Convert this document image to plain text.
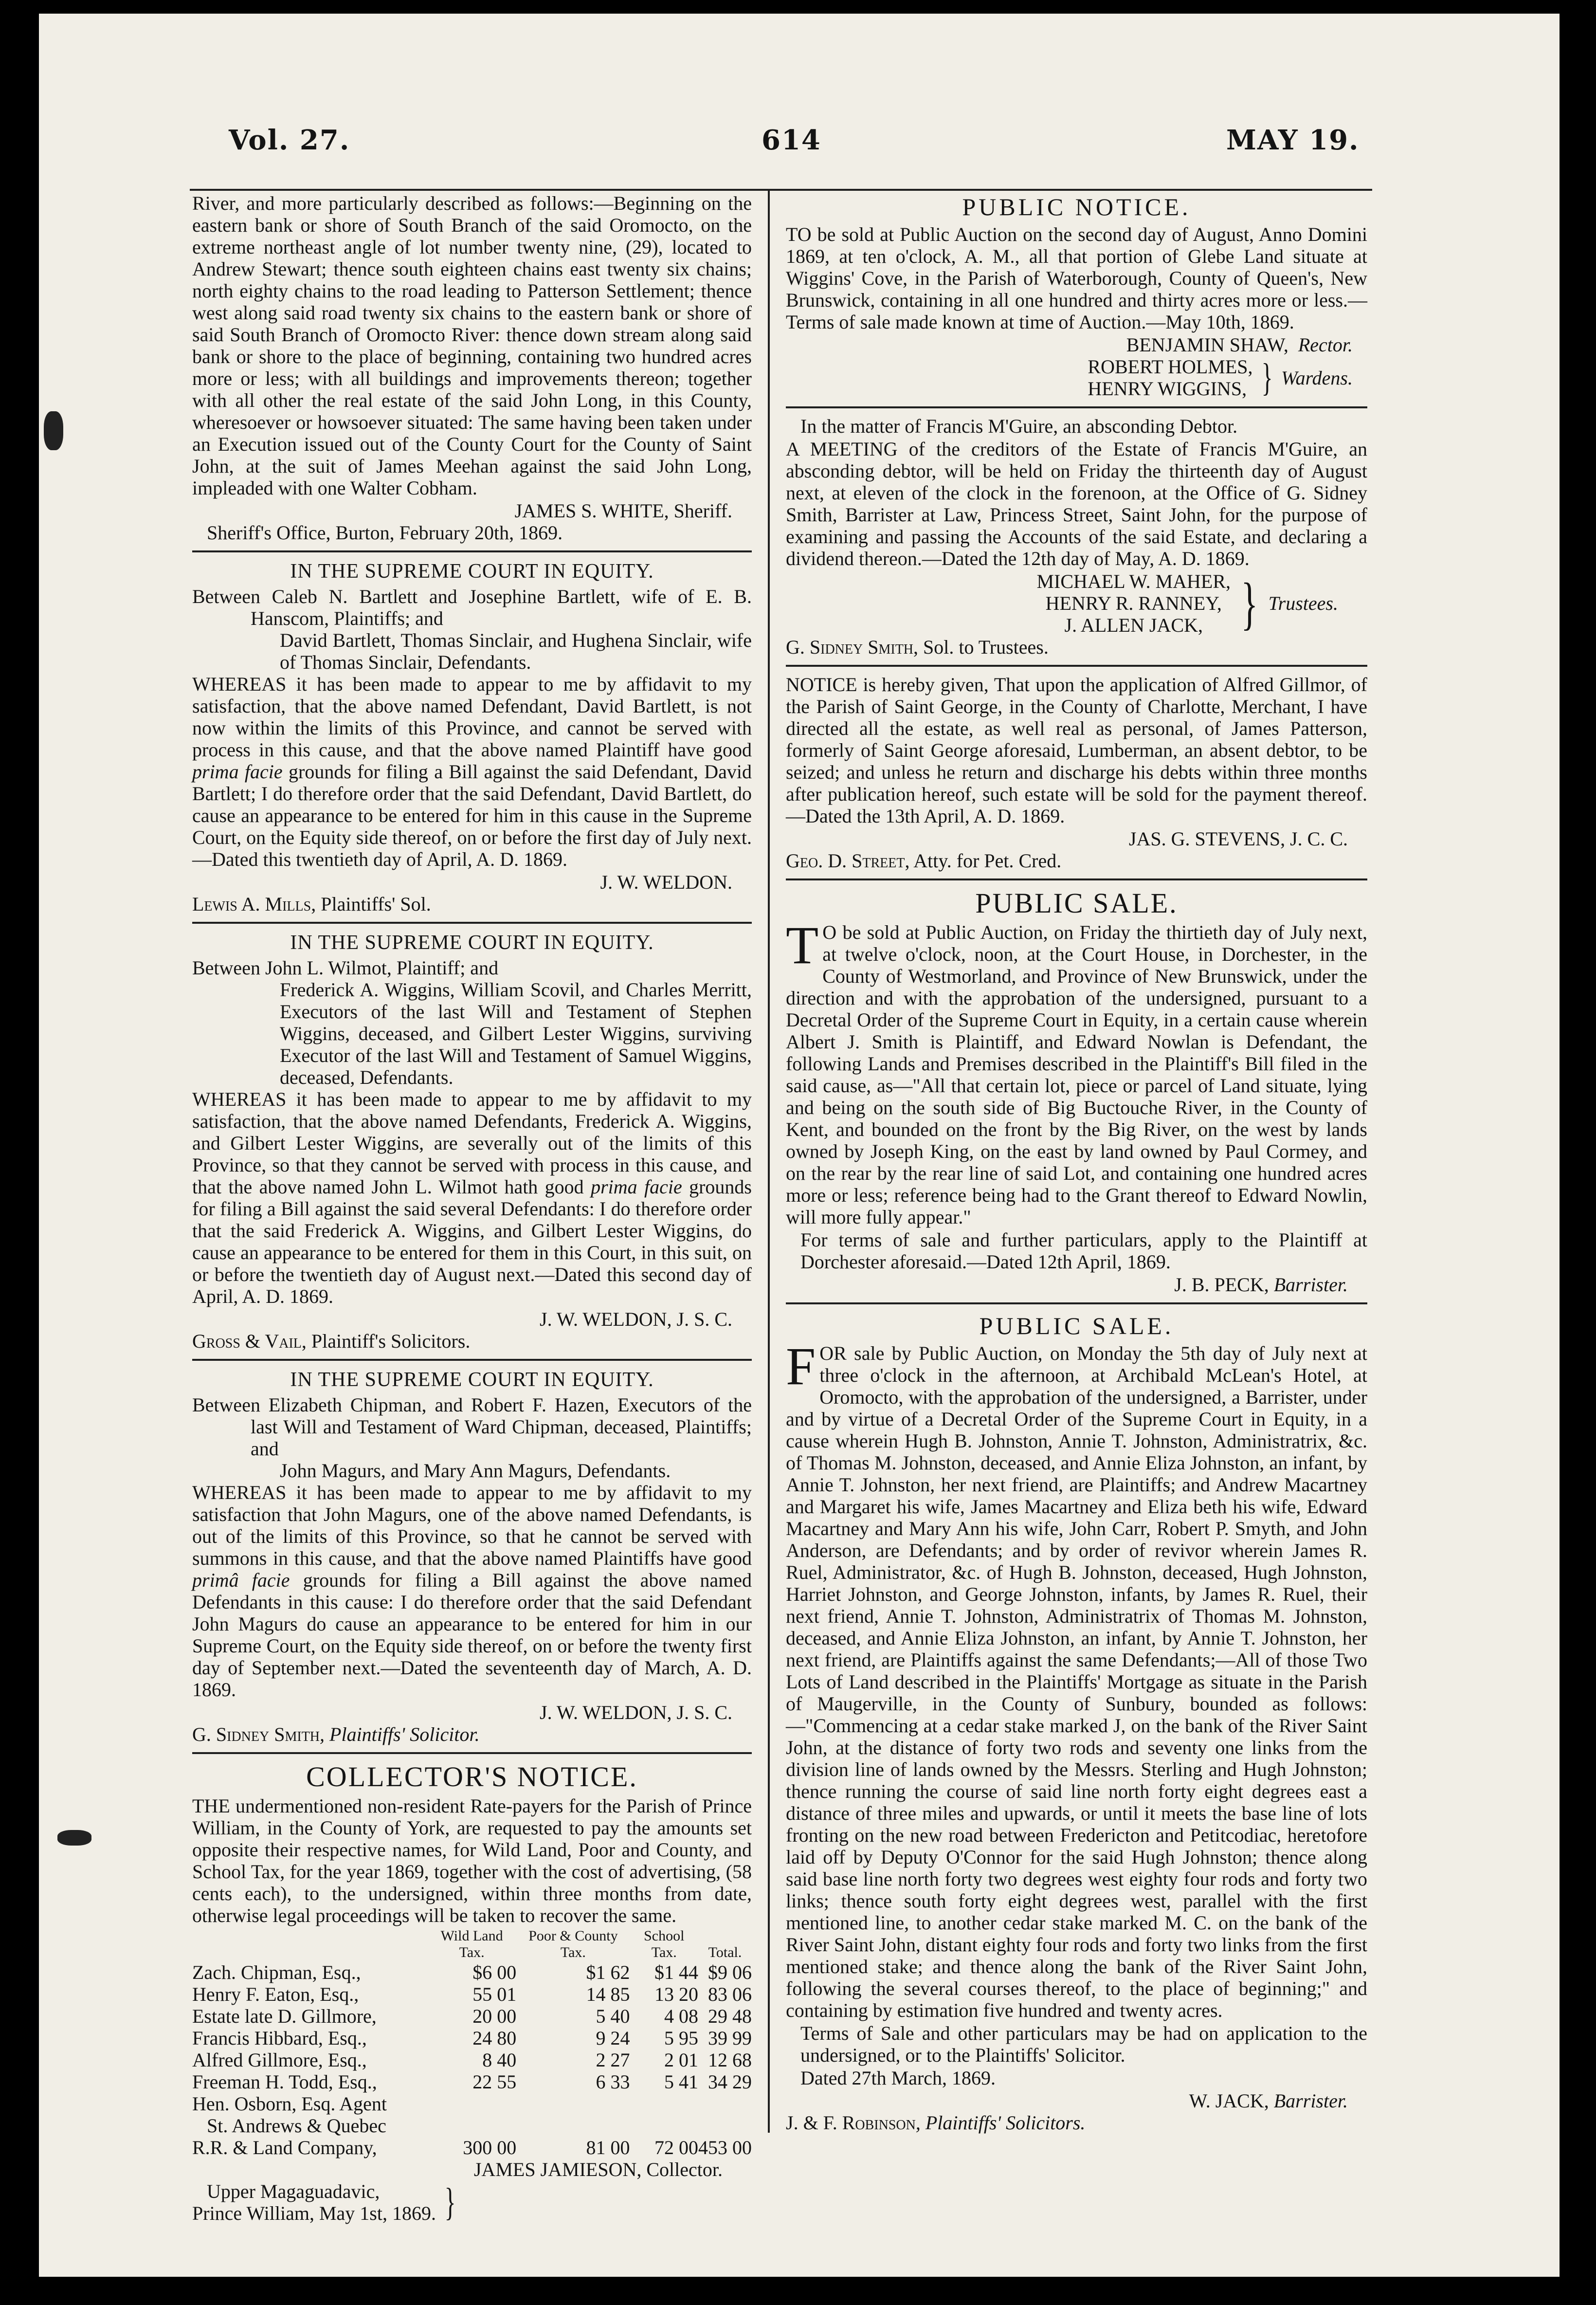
Vol. 27.	614	MAY 19.

River, and more particularly described as follows:—Beginning on the eastern bank or shore of South Branch of the said Oromocto, on the extreme northeast angle of lot number twenty nine, (29), located to Andrew Stewart; thence south eighteen chains east twenty six chains; north eighty chains to the road leading to Patterson Settlement; thence west along said road twenty six chains to the eastern bank or shore of said South Branch of Oromocto River: thence down stream along said bank or shore to the place of beginning, containing two hundred acres more or less; with all buildings and improvements thereon; together with all other the real estate of the said John Long, in this County, wheresoever or howsoever situated: The same having been taken under an Execution issued out of the County Court for the County of Saint John, at the suit of James Meehan against the said John Long, impleaded with one Walter Cobham.

JAMES S. WHITE, Sheriff.

Sheriff's Office, Burton, February 20th, 1869.

IN THE SUPREME COURT IN EQUITY.

Between Caleb N. Bartlett and Josephine Bartlett, wife of E. B. Hanscom, Plaintiffs; and

David Bartlett, Thomas Sinclair, and Hughena Sinclair, wife of Thomas Sinclair, Defendants.

WHEREAS it has been made to appear to me by affidavit to my satisfaction, that the above named Defendant, David Bartlett, is not now within the limits of this Province, and cannot be served with process in this cause, and that the above named Plaintiff have good prima facie grounds for filing a Bill against the said Defendant, David Bartlett; I do therefore order that the said Defendant, David Bartlett, do cause an appearance to be entered for him in this cause in the Supreme Court, on the Equity side thereof, on or before the first day of July next.—Dated this twentieth day of April, A. D. 1869.

J. W. WELDON.

Lewis A. Mills, Plaintiffs' Sol.

IN THE SUPREME COURT IN EQUITY.

Between John L. Wilmot, Plaintiff; and

Frederick A. Wiggins, William Scovil, and Charles Merritt, Executors of the last Will and Testament of Stephen Wiggins, deceased, and Gilbert Lester Wiggins, surviving Executor of the last Will and Testament of Samuel Wiggins, deceased, Defendants.

WHEREAS it has been made to appear to me by affidavit to my satisfaction, that the above named Defendants, Frederick A. Wiggins, and Gilbert Lester Wiggins, are severally out of the limits of this Province, so that they cannot be served with process in this cause, and that the above named John L. Wilmot hath good prima facie grounds for filing a Bill against the said several Defendants: I do therefore order that the said Frederick A. Wiggins, and Gilbert Lester Wiggins, do cause an appearance to be entered for them in this Court, in this suit, on or before the twentieth day of August next.—Dated this second day of April, A. D. 1869.

J. W. WELDON, J. S. C.

Gross & Vail, Plaintiff's Solicitors.

IN THE SUPREME COURT IN EQUITY.

Between Elizabeth Chipman, and Robert F. Hazen, Executors of the last Will and Testament of Ward Chipman, deceased, Plaintiffs; and

John Magurs, and Mary Ann Magurs, Defendants.

WHEREAS it has been made to appear to me by affidavit to my satisfaction that John Magurs, one of the above named Defendants, is out of the limits of this Province, so that he cannot be served with summons in this cause, and that the above named Plaintiffs have good primâ facie grounds for filing a Bill against the above named Defendants in this cause: I do therefore order that the said Defendant John Magurs do cause an appearance to be entered for him in our Supreme Court, on the Equity side thereof, on or before the twenty first day of September next.—Dated the seventeenth day of March, A. D. 1869.

J. W. WELDON, J. S. C.

G. Sidney Smith, Plaintiffs' Solicitor.

COLLECTOR'S NOTICE.

THE undermentioned non-resident Rate-payers for the Parish of Prince William, in the County of York, are requested to pay the amounts set opposite their respective names, for Wild Land, Poor and County, and School Tax, for the year 1869, together with the cost of advertising, (58 cents each), to the undersigned, within three months from date, otherwise legal proceedings will be taken to recover the same.

	Wild Land Tax.	Poor & County Tax.	School Tax.	Total.
Zach. Chipman, Esq.,	$6 00	$1 62	$1 44	$9 06
Henry F. Eaton, Esq.,	55 01	14 85	13 20	83 06
Estate late D. Gillmore,	20 00	5 40	4 08	29 48
Francis Hibbard, Esq.,	24 80	9 24	5 95	39 99
Alfred Gillmore, Esq.,	8 40	2 27	2 01	12 68
Freeman H. Todd, Esq.,	22 55	6 33	5 41	34 29
Hen. Osborn, Esq. Agent				
St. Andrews & Quebec				
R.R. & Land Company,	300 00	81 00	72 00	453 00

JAMES JAMIESON, Collector.

Upper Magaguadavic,

Prince William, May 1st, 1869. }
PUBLIC NOTICE.

TO be sold at Public Auction on the second day of August, Anno Domini 1869, at ten o'clock, A. M., all that portion of Glebe Land situate at Wiggins' Cove, in the Parish of Waterborough, County of Queen's, New Brunswick, containing in all one hundred and thirty acres more or less.—Terms of sale made known at time of Auction.—May 10th, 1869.

BENJAMIN SHAW,
Rector.

ROBERT HOLMES,

HENRY WIGGINS, } Wardens.

In the matter of Francis M'Guire, an absconding Debtor.

A MEETING of the creditors of the Estate of Francis M'Guire, an absconding debtor, will be held on Friday the thirteenth day of August next, at eleven of the clock in the forenoon, at the Office of G. Sidney Smith, Barrister at Law, Princess Street, Saint John, for the purpose of examining and passing the Accounts of the said Estate, and declaring a dividend thereon.—Dated the 12th day of May, A. D. 1869.

MICHAEL W. MAHER,

HENRY R. RANNEY,

J. ALLEN JACK, } Trustees.

G. Sidney Smith, Sol. to Trustees.

NOTICE is hereby given, That upon the application of Alfred Gillmor, of the Parish of Saint George, in the County of Charlotte, Merchant, I have directed all the estate, as well real as personal, of James Patterson, formerly of Saint George aforesaid, Lumberman, an absent debtor, to be seized; and unless he return and discharge his debts within three months after publication hereof, such estate will be sold for the payment thereof.—Dated the 13th April, A. D. 1869.

JAS. G. STEVENS, J. C. C.

Geo. D. Street, Atty. for Pet. Cred.

PUBLIC SALE.

T O be sold at Public Auction, on Friday the thirtieth day of July next, at twelve o'clock, noon, at the Court House, in Dorchester, in the County of Westmorland, and Province of New Brunswick, under the direction and with the approbation of the undersigned, pursuant to a Decretal Order of the Supreme Court in Equity, in a certain cause wherein Albert J. Smith is Plaintiff, and Edward Nowlan is Defendant, the following Lands and Premises described in the Plaintiff's Bill filed in the said cause, as—"All that certain lot, piece or parcel of Land situate, lying and being on the south side of Big Buctouche River, in the County of Kent, and bounded on the front by the Big River, on the west by lands owned by Joseph King, on the east by land owned by Paul Cormey, and on the rear by the rear line of said Lot, and containing one hundred acres more or less; reference being had to the Grant thereof to Edward Nowlin, will more fully appear."

For terms of sale and further particulars, apply to the Plaintiff at Dorchester aforesaid.—Dated 12th April, 1869.

J. B. PECK, Barrister.

PUBLIC SALE.

FOR sale by Public Auction, on Monday the 5th day of July next at three o'clock in the afternoon, at Archibald McLean's Hotel, at Oromocto, with the approbation of the undersigned, a Barrister, under and by virtue of a Decretal Order of the Supreme Court in Equity, in a cause wherein Hugh B. Johnston, Annie T. Johnston, Administratrix, &c. of Thomas M. Johnston, deceased, and Annie Eliza Johnston, an infant, by Annie T. Johnston, her next friend, are Plaintiffs; and Andrew Macartney and Margaret his wife, James Macartney and Eliza beth his wife, Edward Macartney and Mary Ann his wife, John Carr, Robert P. Smyth, and John Anderson, are Defendants; and by order of revivor wherein James R. Ruel, Administrator, &c. of Hugh B. Johnston, deceased, Hugh Johnston, Harriet Johnston, and George Johnston, infants, by James R. Ruel, their next friend, Annie T. Johnston, Administratrix of Thomas M. Johnston, deceased, and Annie Eliza Johnston, an infant, by Annie T. Johnston, her next friend, are Plaintiffs against the same Defendants;—All of those Two Lots of Land described in the Plaintiffs' Mortgage as situate in the Parish of Maugerville, in the County of Sunbury, bounded as follows:—"Commencing at a cedar stake marked J, on the bank of the River Saint John, at the distance of forty two rods and seventy one links from the division line of lands owned by the Messrs. Sterling and Hugh Johnston; thence running the course of said line north forty eight degrees east a distance of three miles and upwards, or until it meets the base line of lots fronting on the new road between Fredericton and Petitcodiac, heretofore laid off by Deputy O'Connor for the said Hugh Johnston; thence along said base line north forty two degrees west eighty four rods and forty two links; thence south forty eight degrees west, parallel with the first mentioned line, to another cedar stake marked M. C. on the bank of the River Saint John, distant eighty four rods and forty two links from the first mentioned stake; and thence along the bank of the River Saint John, following the several courses thereof, to the place of beginning;" and containing by estimation five hundred and twenty acres.

Terms of Sale and other particulars may be had on application to the undersigned, or to the Plaintiffs' Solicitor.

Dated 27th March, 1869.

W. JACK, Barrister.

J. & F. Robinson, Plaintiffs' Solicitors.
